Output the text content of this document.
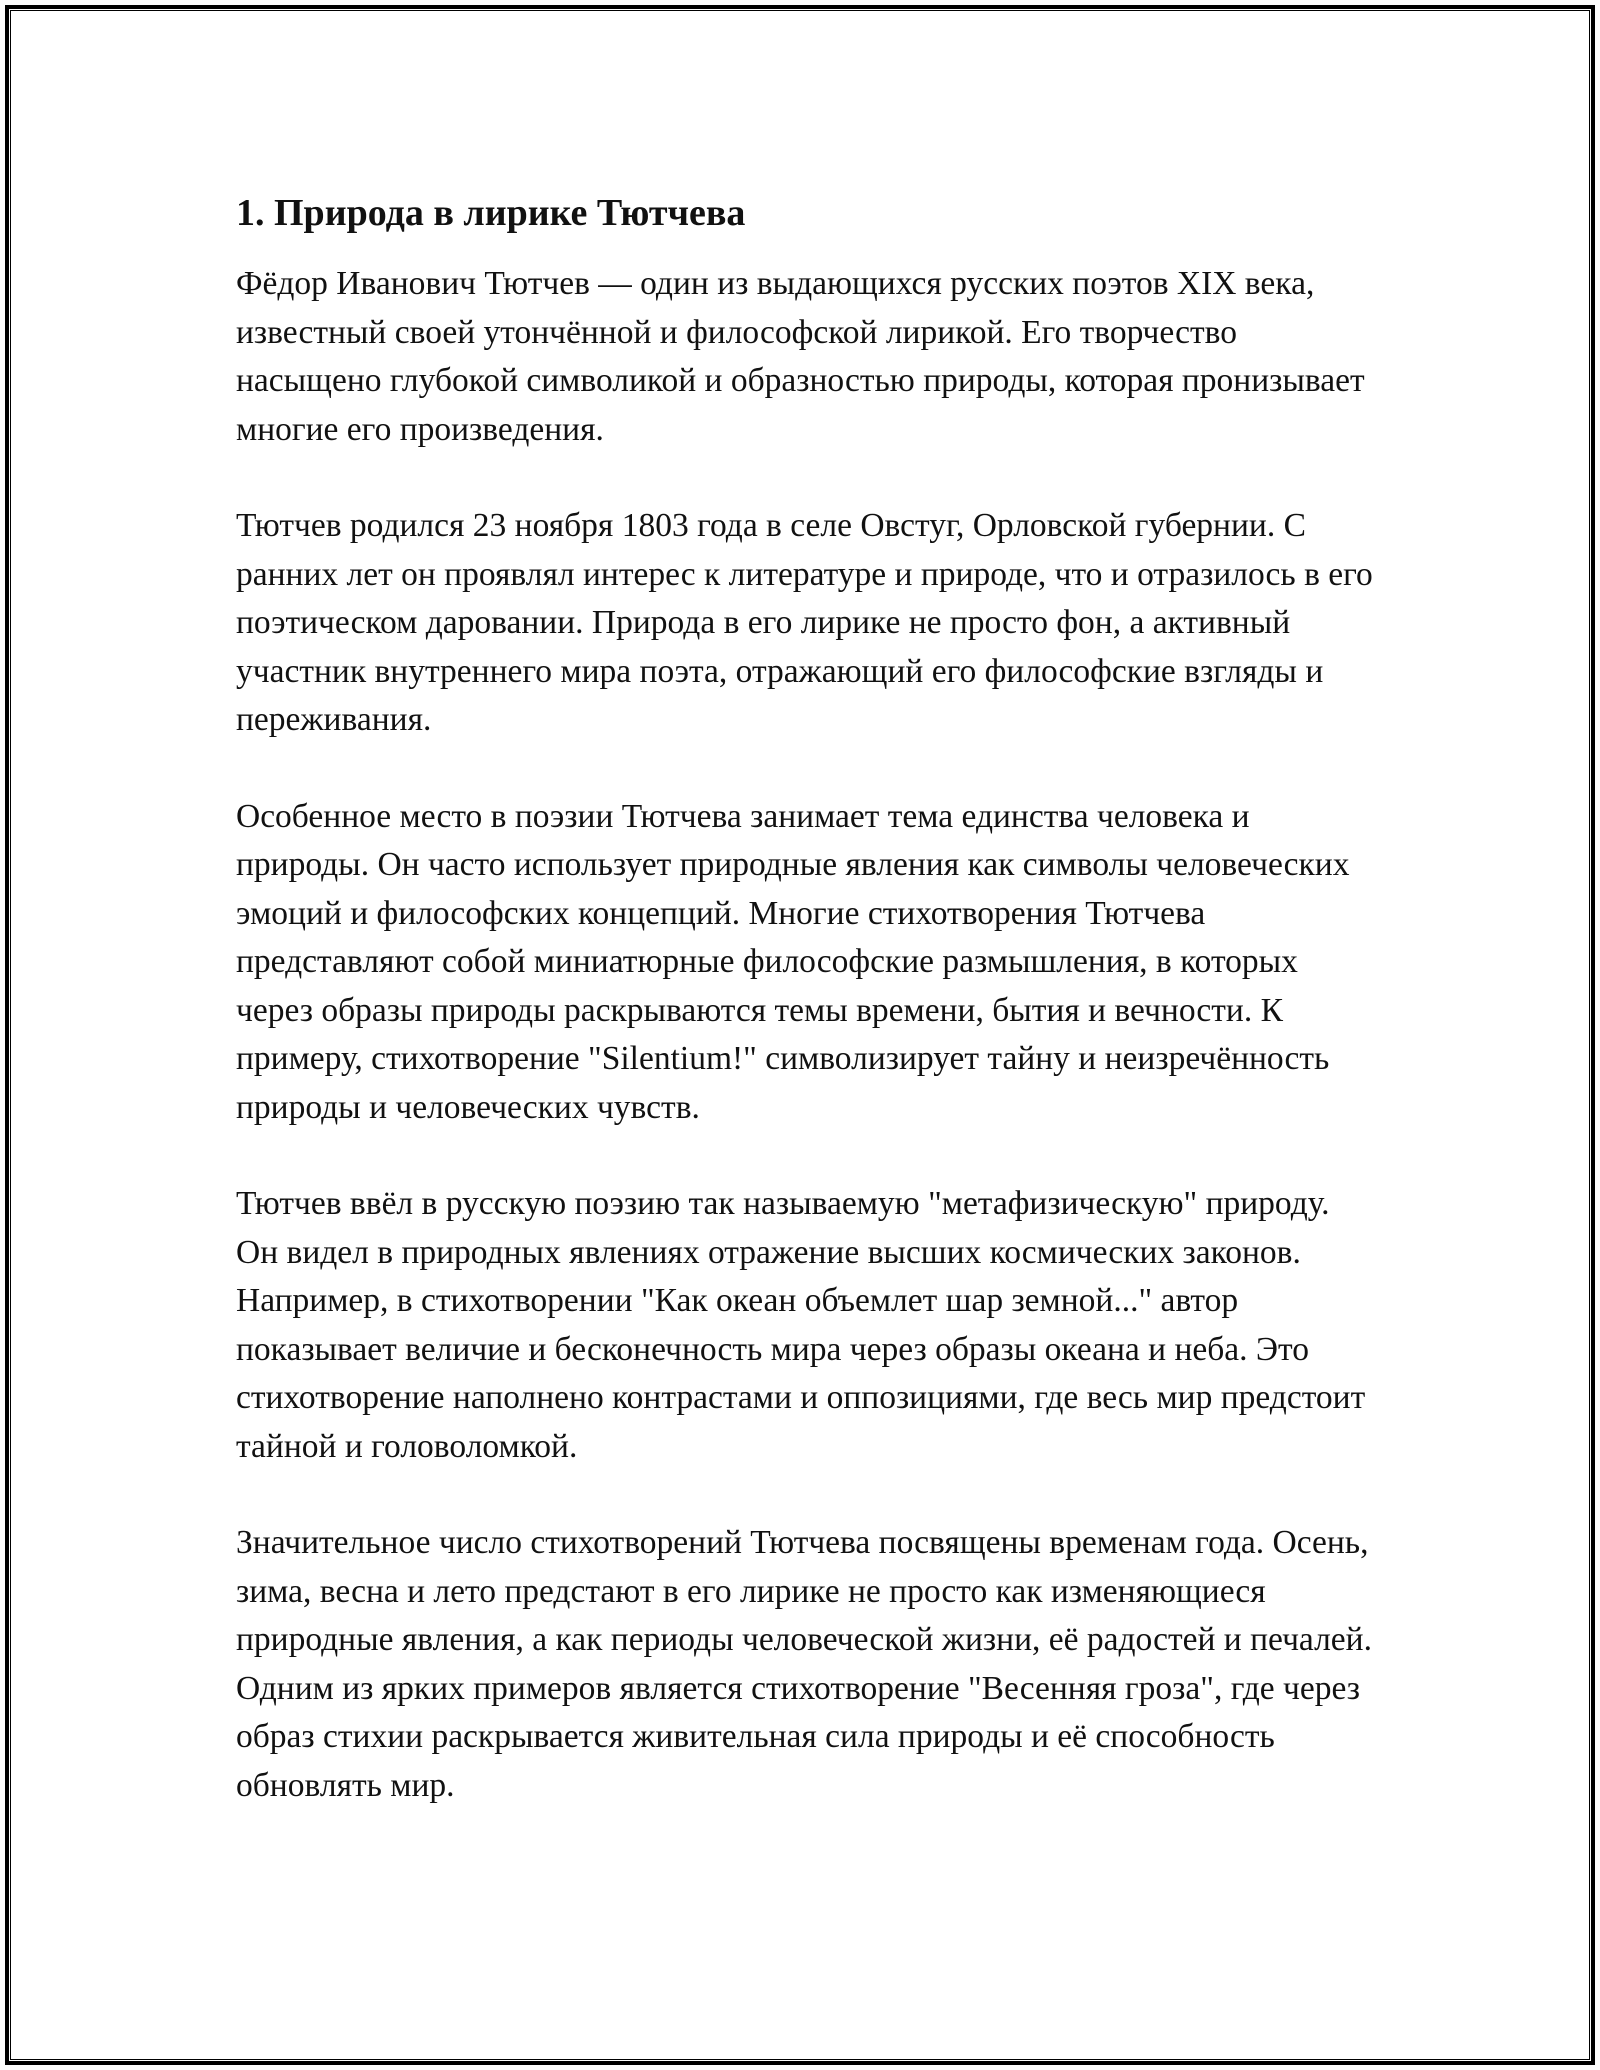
1. Природа в лирике Тютчева

Фёдор Иванович Тютчев — один из выдающихся русских поэтов XIX века, известный своей утончённой и философской лирикой. Его творчество насыщено глубокой символикой и образностью природы, которая пронизывает многие его произведения.

Тютчев родился 23 ноября 1803 года в селе Овстуг, Орловской губернии. С ранних лет он проявлял интерес к литературе и природе, что и отразилось в его поэтическом даровании. Природа в его лирике не просто фон, а активный участник внутреннего мира поэта, отражающий его философские взгляды и переживания.

Особенное место в поэзии Тютчева занимает тема единства человека и природы. Он часто использует природные явления как символы человеческих эмоций и философских концепций. Многие стихотворения Тютчева представляют собой миниатюрные философские размышления, в которых через образы природы раскрываются темы времени, бытия и вечности. К примеру, стихотворение "Silentium!" символизирует тайну и неизречённость природы и человеческих чувств.

Тютчев ввёл в русскую поэзию так называемую "метафизическую" природу. Он видел в природных явлениях отражение высших космических законов. Например, в стихотворении "Как океан объемлет шар земной..." автор показывает величие и бесконечность мира через образы океана и неба. Это стихотворение наполнено контрастами и оппозициями, где весь мир предстоит тайной и головоломкой.

Значительное число стихотворений Тютчева посвящены временам года. Осень, зима, весна и лето предстают в его лирике не просто как изменяющиеся природные явления, а как периоды человеческой жизни, её радостей и печалей. Одним из ярких примеров является стихотворение "Весенняя гроза", где через образ стихии раскрывается живительная сила природы и её способность обновлять мир.
